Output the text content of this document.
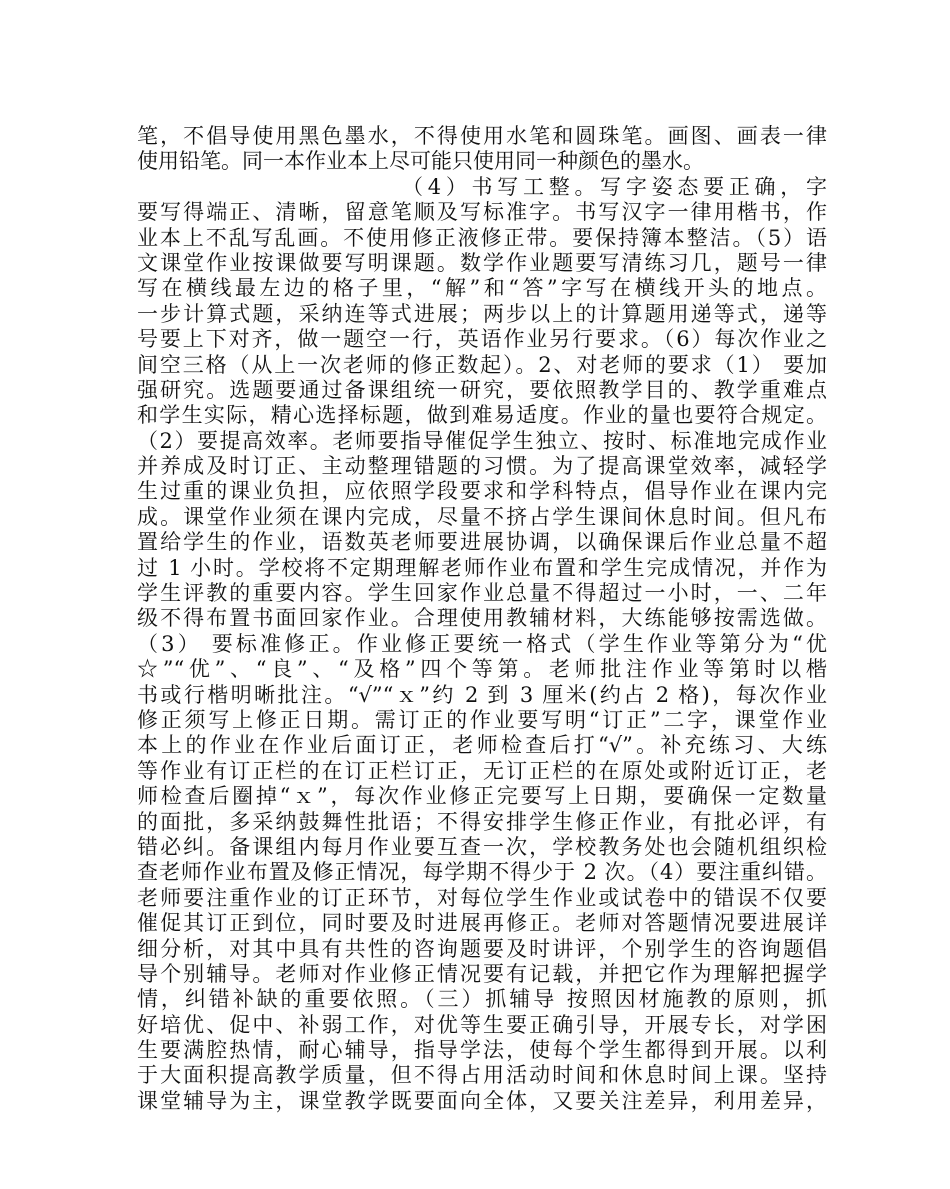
笔，不倡导使用黑色墨水，不得使用水笔和圆珠笔。画图、画表一律
使用铅笔。同一本作业本上尽可能只使用同一种颜色的墨水。
（4）书写工整。写字姿态要正确，字
要写得端正、清晰，留意笔顺及写标准字。书写汉字一律用楷书，作
业本上不乱写乱画。不使用修正液修正带。要保持簿本整洁。（5）语
文课堂作业按课做要写明课题。数学作业题要写清练习几，题号一律
写在横线最左边的格子里，“解”和“答”字写在横线开头的地点。
一步计算式题，采纳连等式进展；两步以上的计算题用递等式，递等
号要上下对齐，做一题空一行，英语作业另行要求。（6）每次作业之
间空三格（从上一次老师的修正数起）。2、对老师的要求（1） 要加
强研究。选题要通过备课组统一研究，要依照教学目的、教学重难点
和学生实际，精心选择标题，做到难易适度。作业的量也要符合规定。
（2）要提高效率。老师要指导催促学生独立、按时、标准地完成作业
并养成及时订正、主动整理错题的习惯。为了提高课堂效率，减轻学
生过重的课业负担，应依照学段要求和学科特点，倡导作业在课内完
成。课堂作业须在课内完成，尽量不挤占学生课间休息时间。但凡布
置给学生的作业，语数英老师要进展协调，以确保课后作业总量不超
过 1 小时。学校将不定期理解老师作业布置和学生完成情况，并作为
学生评教的重要内容。学生回家作业总量不得超过一小时，一、二年
级不得布置书面回家作业。合理使用教辅材料，大练能够按需选做。
（3） 要标准修正。作业修正要统一格式（学生作业等第分为“优
☆”“优”、“良”、“及格”四个等第。老师批注作业等第时以楷
书或行楷明晰批注。“√”“ｘ”约 2 到 3 厘米(约占 2 格)，每次作业
修正须写上修正日期。需订正的作业要写明“订正”二字，课堂作业
本上的作业在作业后面订正，老师检查后打“√”。补充练习、大练
等作业有订正栏的在订正栏订正，无订正栏的在原处或附近订正，老
师检查后圈掉“ｘ”，每次作业修正完要写上日期，要确保一定数量
的面批，多采纳鼓舞性批语；不得安排学生修正作业，有批必评，有
错必纠。备课组内每月作业要互查一次，学校教务处也会随机组织检
查老师作业布置及修正情况，每学期不得少于 2 次。（4）要注重纠错。
老师要注重作业的订正环节，对每位学生作业或试卷中的错误不仅要
催促其订正到位，同时要及时进展再修正。老师对答题情况要进展详
细分析，对其中具有共性的咨询题要及时讲评，个别学生的咨询题倡
导个别辅导。老师对作业修正情况要有记载，并把它作为理解把握学
情，纠错补缺的重要依照。（三）抓辅导 按照因材施教的原则，抓
好培优、促中、补弱工作，对优等生要正确引导，开展专长，对学困
生要满腔热情，耐心辅导，指导学法，使每个学生都得到开展。以利
于大面积提高教学质量，但不得占用活动时间和休息时间上课。坚持
课堂辅导为主，课堂教学既要面向全体，又要关注差异，利用差异，
